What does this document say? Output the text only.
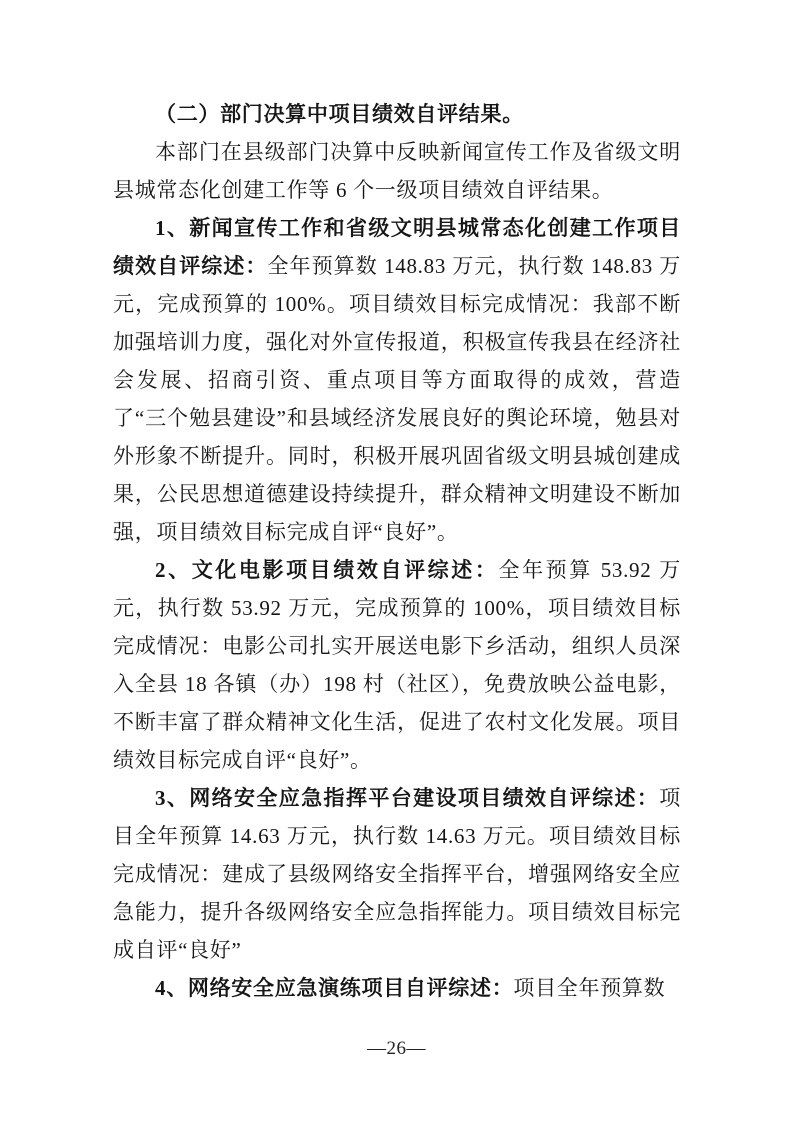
（二）部门决算中项目绩效自评结果。

本部门在县级部门决算中反映新闻宣传工作及省级文明县城常态化创建工作等 6 个一级项目绩效自评结果。

1、新闻宣传工作和省级文明县城常态化创建工作项目绩效自评综述：全年预算数 148.83 万元，执行数 148.83 万元，完成预算的 100%。项目绩效目标完成情况：我部不断加强培训力度，强化对外宣传报道，积极宣传我县在经济社会发展、招商引资、重点项目等方面取得的成效，营造了“三个勉县建设”和县域经济发展良好的舆论环境，勉县对外形象不断提升。同时，积极开展巩固省级文明县城创建成果，公民思想道德建设持续提升，群众精神文明建设不断加强，项目绩效目标完成自评“良好”。

2、文化电影项目绩效自评综述：全年预算 53.92 万元，执行数 53.92 万元，完成预算的 100%，项目绩效目标完成情况：电影公司扎实开展送电影下乡活动，组织人员深入全县 18 各镇（办）198 村（社区），免费放映公益电影，不断丰富了群众精神文化生活，促进了农村文化发展。项目绩效目标完成自评“良好”。

3、网络安全应急指挥平台建设项目绩效自评综述：项目全年预算 14.63 万元，执行数 14.63 万元。项目绩效目标完成情况：建成了县级网络安全指挥平台，增强网络安全应急能力，提升各级网络安全应急指挥能力。项目绩效目标完成自评“良好”

4、网络安全应急演练项目自评综述：项目全年预算数

—26—
